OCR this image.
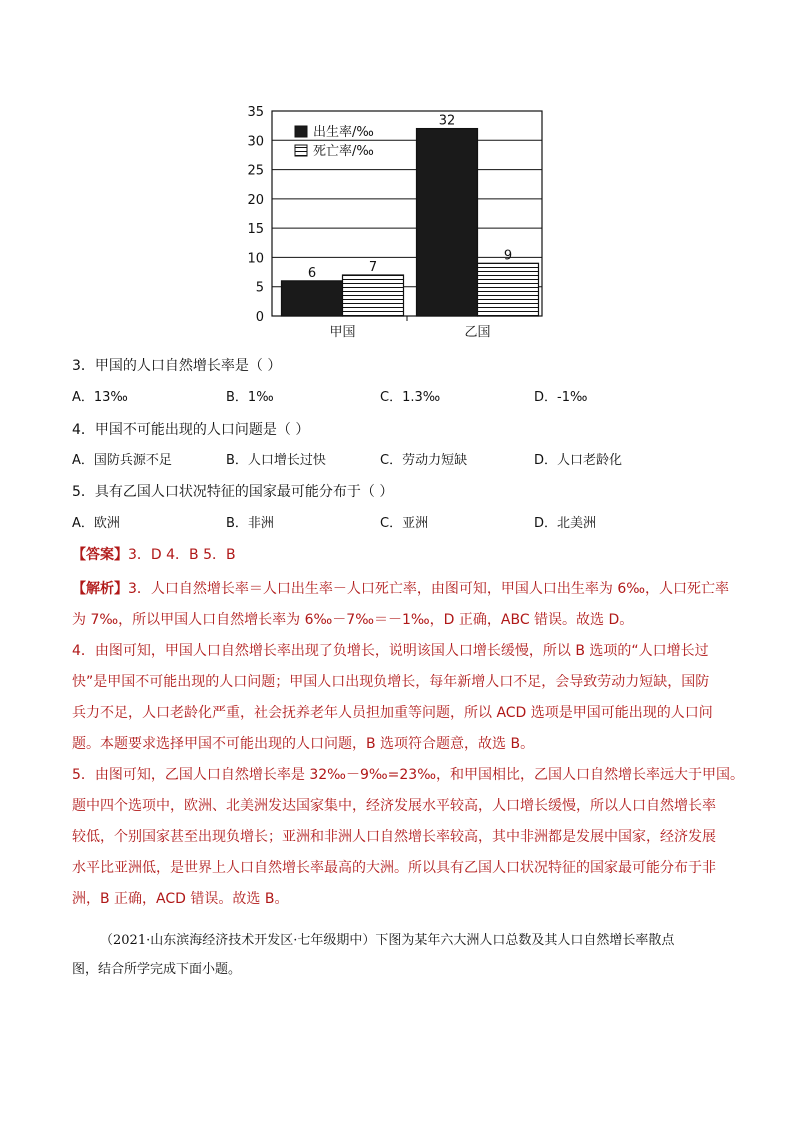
0
5
10
15
20
25
30
35
6	7
32
9
甲国	乙国
出生率/‰
死亡率/‰
3．甲国的人口自然增长率是（ ）
A．13‰	B．1‰	C．1.3‰	D．-1‰
4．甲国不可能出现的人口问题是（ ）
A．国防兵源不足	B．人口增长过快	C．劳动力短缺	D．人口老龄化
5．具有乙国人口状况特征的国家最可能分布于（ ）
A．欧洲	B．非洲	C．亚洲	D．北美洲
【答案】3．D 4．B 5．B
【解析】3．人口自然增长率＝人口出生率－人口死亡率，由图可知，甲国人口出生率为 6‰，人口死亡率
为 7‰，所以甲国人口自然增长率为 6‰－7‰＝－1‰，D 正确，ABC 错误。故选 D。
4．由图可知，甲国人口自然增长率出现了负增长，说明该国人口增长缓慢，所以 B 选项的“人口增长过
快”是甲国不可能出现的人口问题；甲国人口出现负增长，每年新增人口不足，会导致劳动力短缺，国防
兵力不足，人口老龄化严重，社会抚养老年人员担加重等问题，所以 ACD 选项是甲国可能出现的人口问
题。本题要求选择甲国不可能出现的人口问题，B 选项符合题意，故选 B。
5．由图可知，乙国人口自然增长率是 32‰－9‰=23‰，和甲国相比，乙国人口自然增长率远大于甲国。
题中四个选项中，欧洲、北美洲发达国家集中，经济发展水平较高，人口增长缓慢，所以人口自然增长率
较低，个别国家甚至出现负增长；亚洲和非洲人口自然增长率较高，其中非洲都是发展中国家，经济发展
水平比亚洲低，是世界上人口自然增长率最高的大洲。所以具有乙国人口状况特征的国家最可能分布于非
洲，B 正确，ACD 错误。故选 B。
（2021·山东滨海经济技术开发区·七年级期中）下图为某年六大洲人口总数及其人口自然增长率散点
图，结合所学完成下面小题。
